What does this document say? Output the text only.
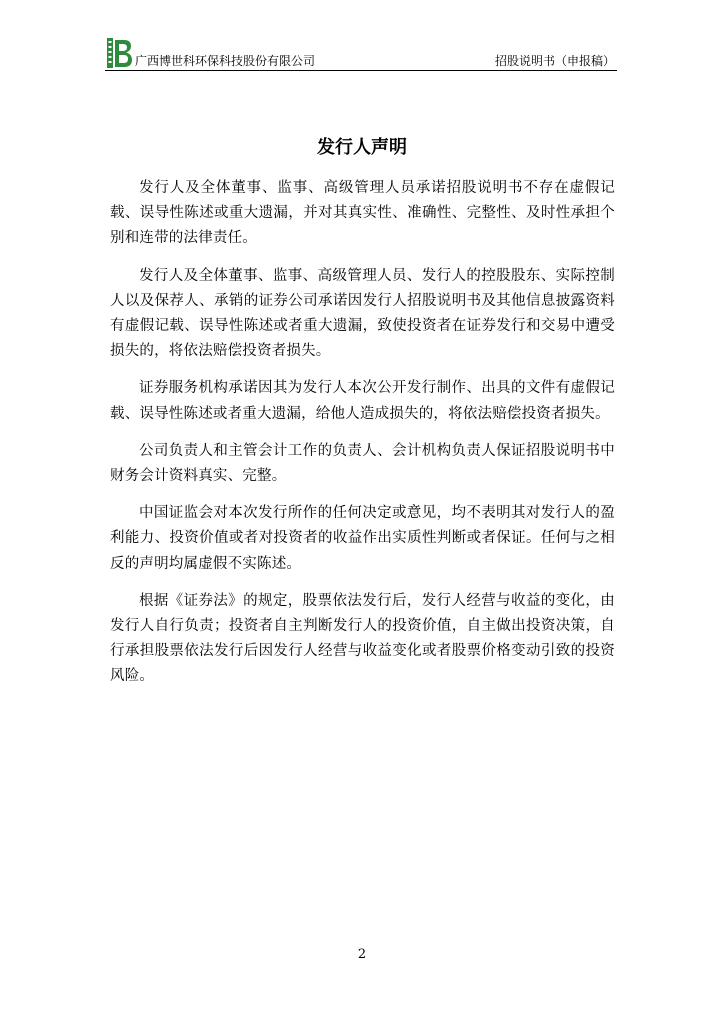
广西博世科环保科技股份有限公司	招股说明书（申报稿）
发行人声明

发行人及全体董事、监事、高级管理人员承诺招股说明书不存在虚假记载、误导性陈述或重大遗漏，并对其真实性、准确性、完整性、及时性承担个别和连带的法律责任。

发行人及全体董事、监事、高级管理人员、发行人的控股股东、实际控制人以及保荐人、承销的证券公司承诺因发行人招股说明书及其他信息披露资料有虚假记载、误导性陈述或者重大遗漏，致使投资者在证券发行和交易中遭受损失的，将依法赔偿投资者损失。

证券服务机构承诺因其为发行人本次公开发行制作、出具的文件有虚假记载、误导性陈述或者重大遗漏，给他人造成损失的，将依法赔偿投资者损失。

公司负责人和主管会计工作的负责人、会计机构负责人保证招股说明书中财务会计资料真实、完整。

中国证监会对本次发行所作的任何决定或意见，均不表明其对发行人的盈利能力、投资价值或者对投资者的收益作出实质性判断或者保证。任何与之相反的声明均属虚假不实陈述。

根据《证券法》的规定，股票依法发行后，发行人经营与收益的变化，由发行人自行负责；投资者自主判断发行人的投资价值，自主做出投资决策，自行承担股票依法发行后因发行人经营与收益变化或者股票价格变动引致的投资风险。

2
